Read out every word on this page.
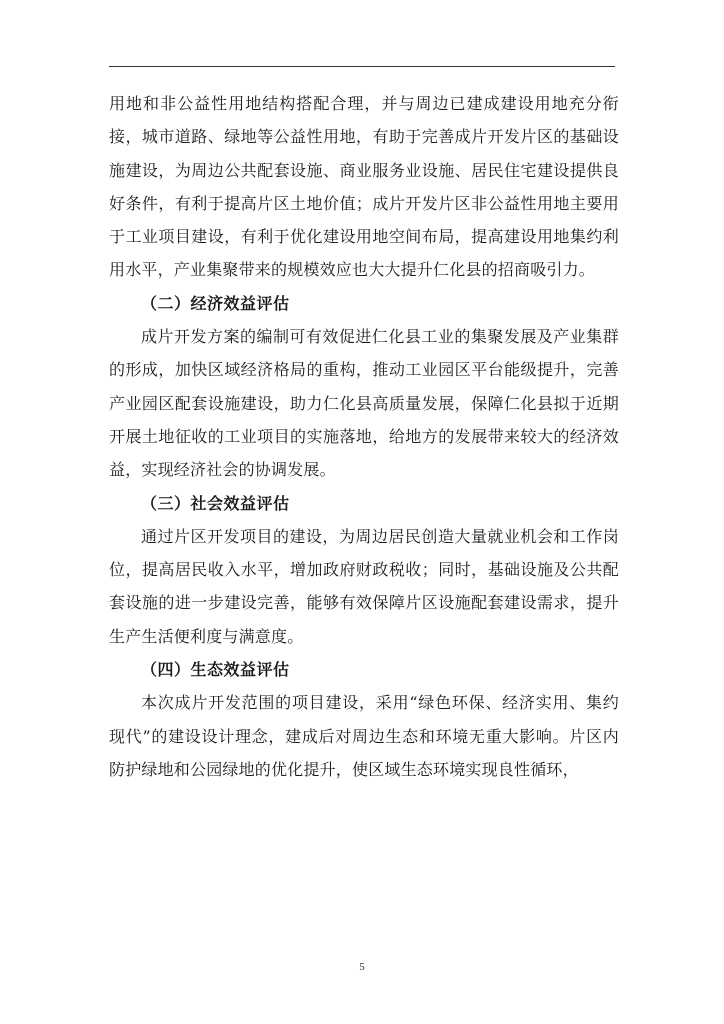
用地和非公益性用地结构搭配合理，并与周边已建成建设用地充分衔接，城市道路、绿地等公益性用地，有助于完善成片开发片区的基础设施建设，为周边公共配套设施、商业服务业设施、居民住宅建设提供良好条件，有利于提高片区土地价值；成片开发片区非公益性用地主要用于工业项目建设，有利于优化建设用地空间布局，提高建设用地集约利用水平，产业集聚带来的规模效应也大大提升仁化县的招商吸引力。

（二）经济效益评估

成片开发方案的编制可有效促进仁化县工业的集聚发展及产业集群的形成，加快区域经济格局的重构，推动工业园区平台能级提升，完善产业园区配套设施建设，助力仁化县高质量发展，保障仁化县拟于近期开展土地征收的工业项目的实施落地，给地方的发展带来较大的经济效益，实现经济社会的协调发展。

（三）社会效益评估

通过片区开发项目的建设，为周边居民创造大量就业机会和工作岗位，提高居民收入水平，增加政府财政税收；同时，基础设施及公共配套设施的进一步建设完善，能够有效保障片区设施配套建设需求，提升生产生活便利度与满意度。

（四）生态效益评估

本次成片开发范围的项目建设，采用“绿色环保、经济实用、集约现代”的建设设计理念，建成后对周边生态和环境无重大影响。片区内防护绿地和公园绿地的优化提升，使区域生态环境实现良性循环，

5
